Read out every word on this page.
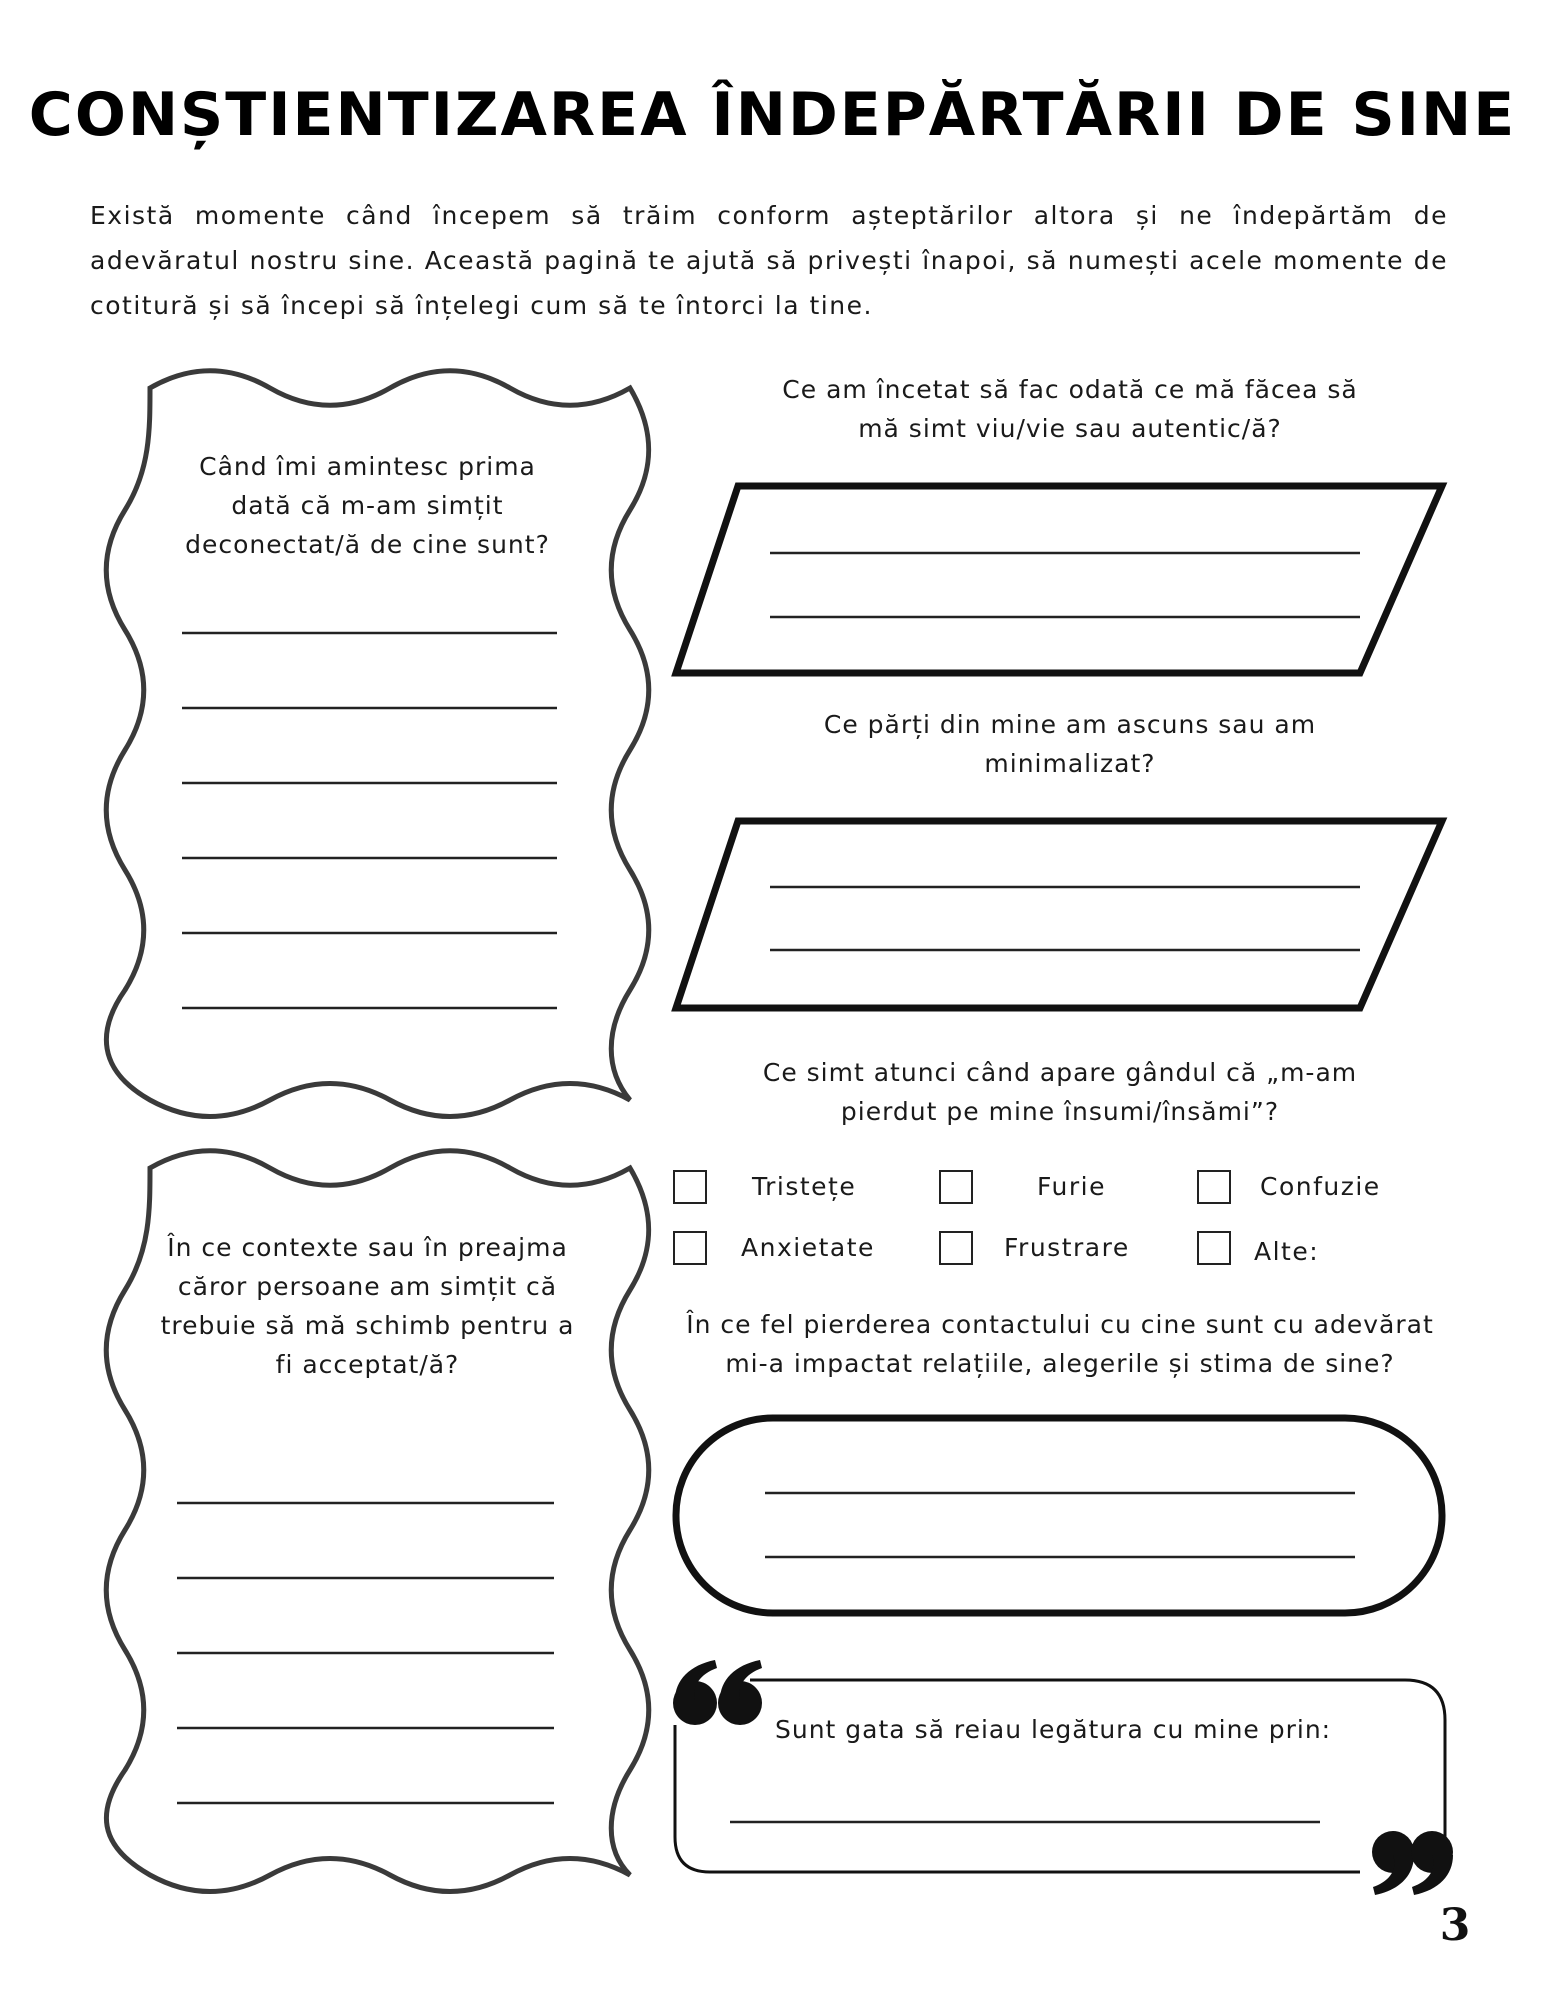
CONȘTIENTIZAREA ÎNDEPĂRTĂRII DE SINE
Există momente când începem să trăim conform așteptărilor altora și ne îndepărtăm de adevăratul nostru sine. Această pagină te ajută să privești înapoi, să numești acele momente de cotitură și să începi să înțelegi cum să te întorci la tine.
Când îmi amintesc prima dată că m-am simțit deconectat/ă de cine sunt?
În ce contexte sau în preajma căror persoane am simțit că trebuie să mă schimb pentru a fi acceptat/ă?
Ce am încetat să fac odată ce mă făcea să mă simt viu/vie sau autentic/ă?
Ce părți din mine am ascuns sau am minimalizat?
Ce simt atunci când apare gândul că „m-am pierdut pe mine însumi/însămi”?
În ce fel pierderea contactului cu cine sunt cu adevărat mi-a impactat relațiile, alegerile și stima de sine?
Tristețe	Furie	Confuzie
Anxietate	Frustrare	Alte:
Sunt gata să reiau legătura cu mine prin:
3
